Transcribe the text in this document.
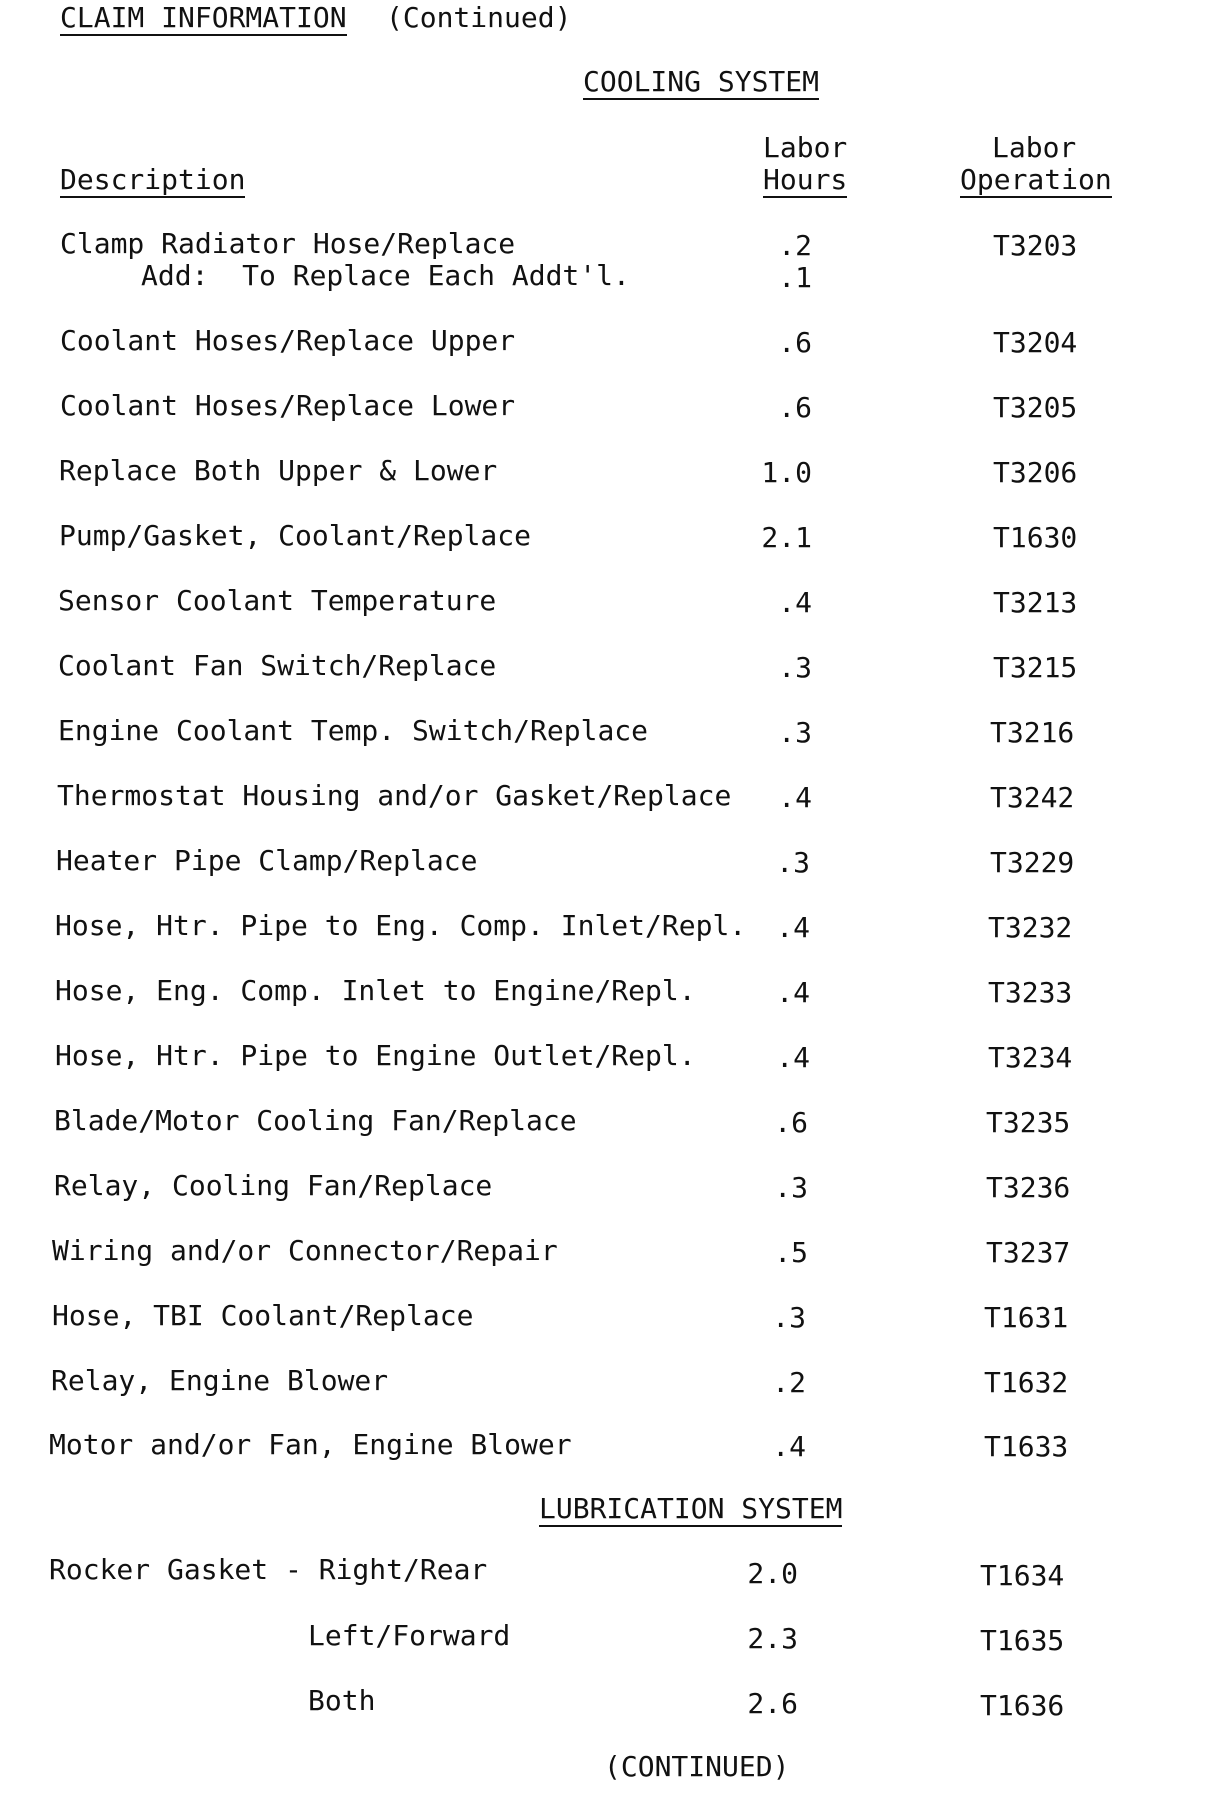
CLAIM INFORMATION (Continued)
COOLING SYSTEM
Description
Labor
Hours
Labor
Operation
Clamp Radiator Hose/Replace	.2	T3203
Add:  To Replace Each Addt'l.	.1
Coolant Hoses/Replace Upper	.6	T3204
Coolant Hoses/Replace Lower	.6	T3205
Replace Both Upper & Lower	1.0	T3206
Pump/Gasket, Coolant/Replace	2.1	T1630
Sensor Coolant Temperature	.4	T3213
Coolant Fan Switch/Replace	.3	T3215
Engine Coolant Temp. Switch/Replace	.3	T3216
Thermostat Housing and/or Gasket/Replace	.4	T3242
Heater Pipe Clamp/Replace	.3	T3229
Hose, Htr. Pipe to Eng. Comp. Inlet/Repl.	.4	T3232
Hose, Eng. Comp. Inlet to Engine/Repl.	.4	T3233
Hose, Htr. Pipe to Engine Outlet/Repl.	.4	T3234
Blade/Motor Cooling Fan/Replace	.6	T3235
Relay, Cooling Fan/Replace	.3	T3236
Wiring and/or Connector/Repair	.5	T3237
Hose, TBI Coolant/Replace	.3	T1631
Relay, Engine Blower	.2	T1632
Motor and/or Fan, Engine Blower	.4	T1633
LUBRICATION SYSTEM
Rocker Gasket - Right/Rear	2.0	T1634
Left/Forward	2.3	T1635
Both	2.6	T1636
(CONTINUED)
